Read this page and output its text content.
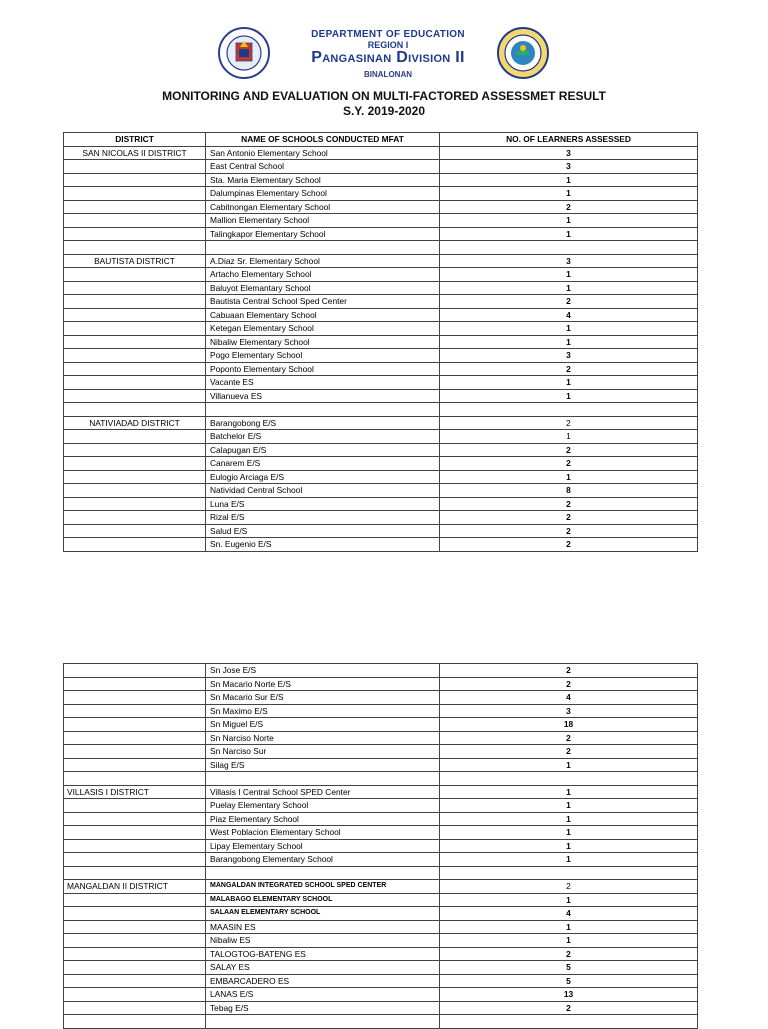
DEPARTMENT OF EDUCATION
REGION I
Pangasinan Division II
BINALONAN
MONITORING AND EVALUATION ON MULTI-FACTORED ASSESSMET RESULT
S.Y. 2019-2020
DISTRICT	NAME OF SCHOOLS CONDUCTED MFAT	NO. OF LEARNERS ASSESSED
SAN NICOLAS II DISTRICT	San Antonio Elementary School	3
	East Central School	3
	Sta. Maria Elementary School	1
	Dalumpinas Elementary School	1
	Cabitnongan Elementary School	2
	Mallion Elementary School	1
	Talingkapor Elementary School	1

BAUTISTA DISTRICT	A.Diaz Sr. Elementary School	3
	Artacho Elementary School	1
	Baluyot Elemantary School	1
	Bautista Central School Sped Center	2
	Cabuaan Elementary School	4
	Ketegan Elementary School	1
	Nibaliw Elementary School	1
	Pogo Elementary School	3
	Poponto Elementary School	2
	Vacante ES	1
	Villanueva ES	1

NATIVIADAD DISTRICT	Barangobong E/S	2
	Batchelor E/S	1
	Calapugan E/S	2
	Canarem E/S	2
	Eulogio Arciaga E/S	1
	Natividad Central School	8
	Luna E/S	2
	Rizal E/S	2
	Salud E/S	2
	Sn. Eugenio E/S	2
	Sn Jose E/S	2
	Sn Macario Norte E/S	2
	Sn Macario Sur E/S	4
	Sn Maximo E/S	3
	Sn Miguel E/S	18
	Sn Narciso Norte	2
	Sn Narciso Sur	2
	Silag E/S	1

VILLASIS I DISTRICT	Villasis I Central School SPED Center	1
	Puelay Elementary School	1
	Piaz Elementary School	1
	West Poblacion Elementary School	1
	Lipay Elementary School	1
	Barangobong Elementary School	1

MANGALDAN II DISTRICT	MANGALDAN INTEGRATED SCHOOL SPED CENTER	2
	MALABAGO ELEMENTARY SCHOOL	1
	SALAAN ELEMENTARY SCHOOL	4
	MAASIN ES	1
	Nibaliw ES	1
	TALOGTOG-BATENG ES	2
	SALAY ES	5
	EMBARCADERO ES	5
	LANAS E/S	13
	Tebag E/S	2
